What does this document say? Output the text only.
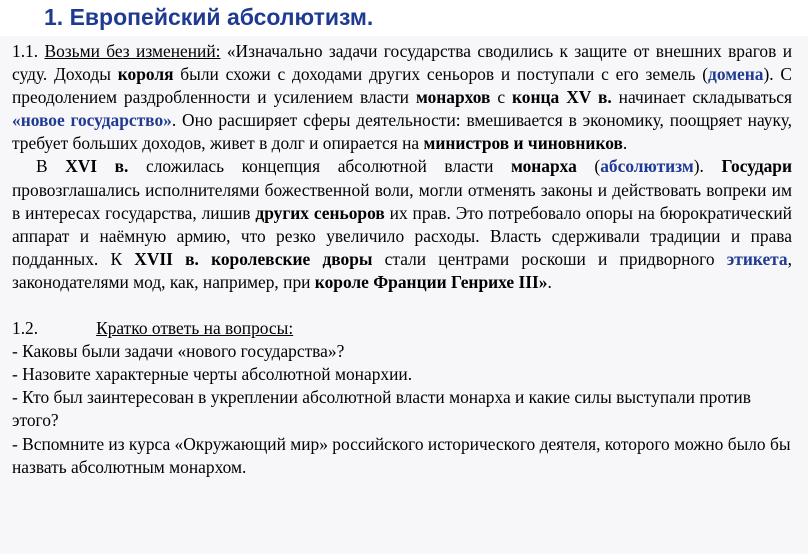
1. Европейский абсолютизм.

1.1. Возьми без изменений: «Изначально задачи государства сводились к защите от внешних врагов и суду. Доходы короля были схожи с доходами других сеньоров и поступали с его земель (домена). С преодолением раздробленности и усилением власти монархов с конца XV в. начинает складываться «новое государство». Оно расширяет сферы деятельности: вмешивается в экономику, поощряет науку, требует больших доходов, живет в долг и опирается на министров и чиновников.

В XVI в. сложилась концепция абсолютной власти монарха (абсолютизм). Государи провозглашались исполнителями божественной воли, могли отменять законы и действовать вопреки им в интересах государства, лишив других сеньоров их прав. Это потребовало опоры на бюрократический аппарат и наёмную армию, что резко увеличило расходы. Власть сдерживали традиции и права подданных. К XVII в. королевские дворы стали центрами роскоши и придворного этикета, законодателями мод, как, например, при короле Франции Генрихе III».

1.2.	Кратко ответь на вопросы:

- Каковы были задачи «нового государства»?

- Назовите характерные черты абсолютной монархии.

- Кто был заинтересован в укреплении абсолютной власти монарха и какие силы выступали против этого?

- Вспомните из курса «Окружающий мир» российского исторического деятеля, которого можно было бы назвать абсолютным монархом.
